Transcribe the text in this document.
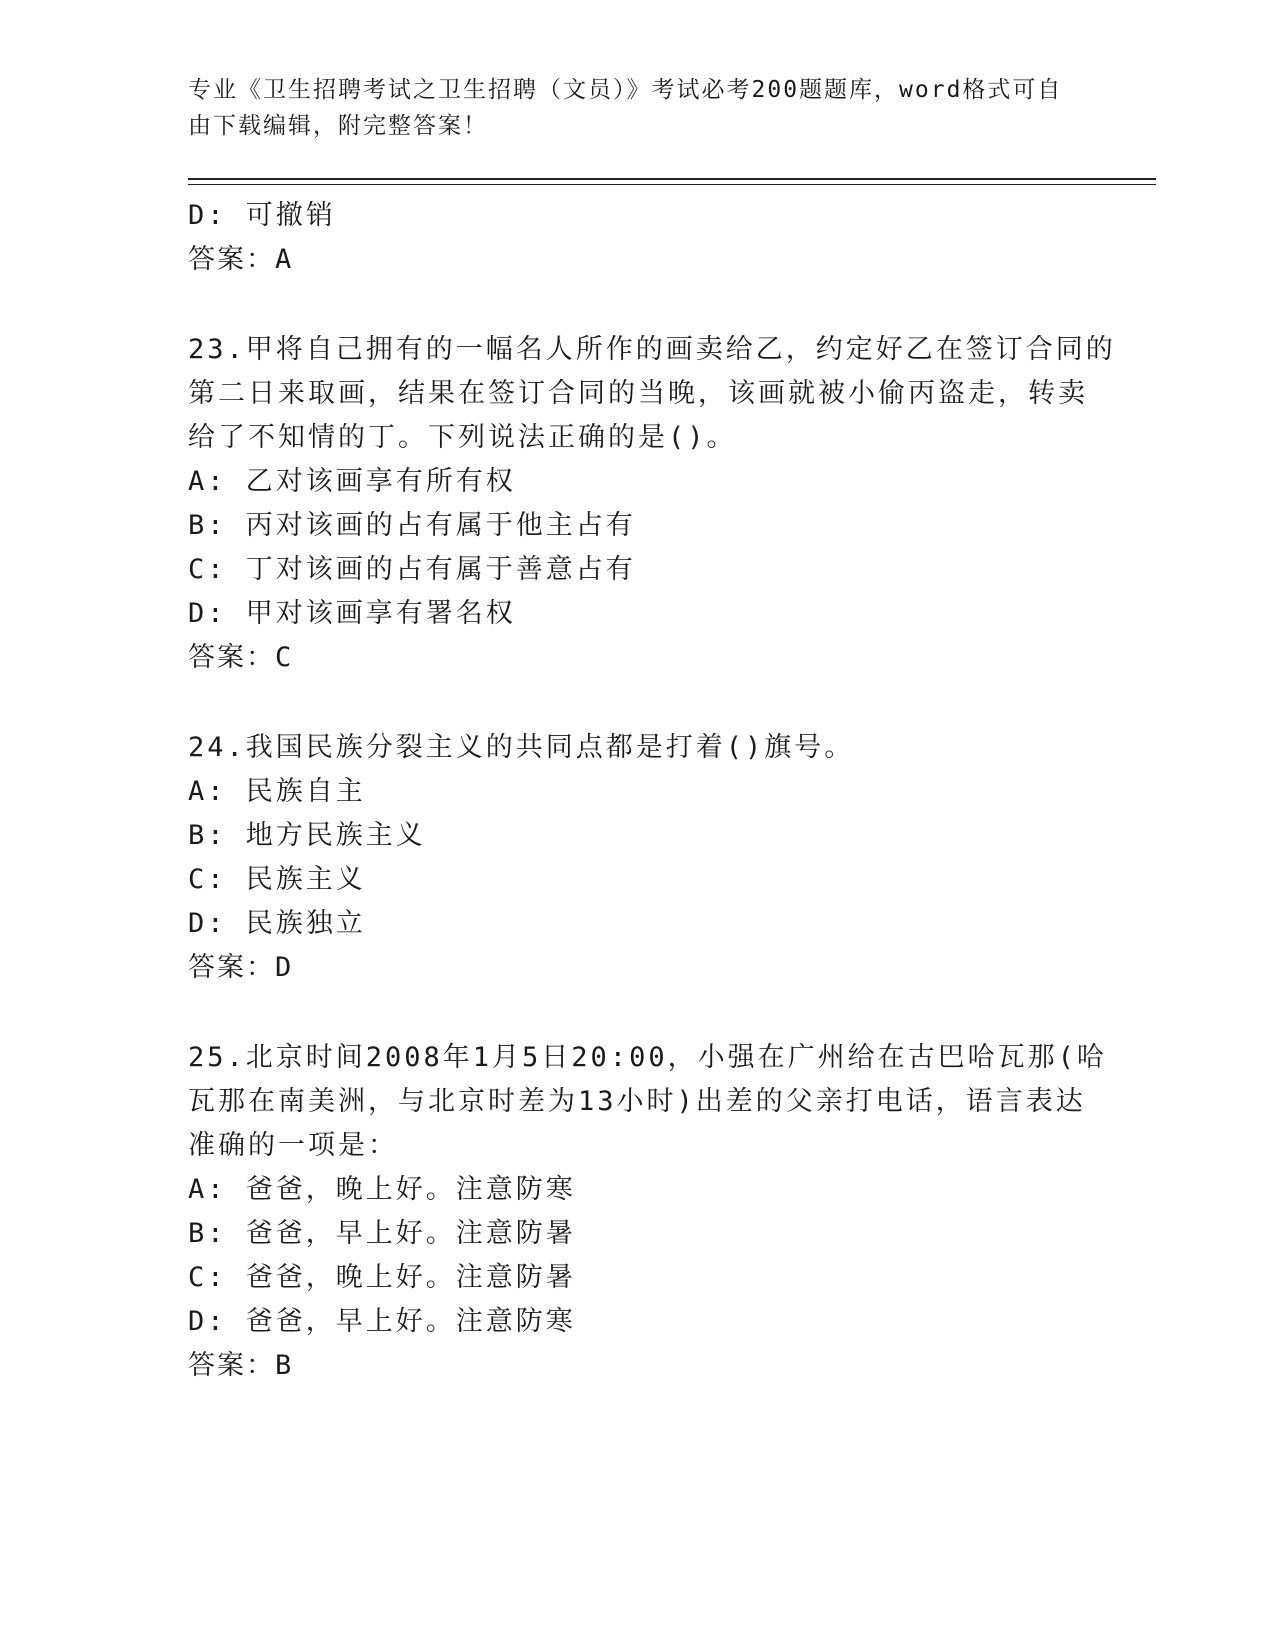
专业《卫生招聘考试之卫生招聘（文员）》考试必考200题题库，word格式可自
由下载编辑，附完整答案！
D: 可撤销
答案：A
23.甲将自己拥有的一幅名人所作的画卖给乙，约定好乙在签订合同的
第二日来取画，结果在签订合同的当晚，该画就被小偷丙盗走，转卖
给了不知情的丁。下列说法正确的是()。
A: 乙对该画享有所有权
B: 丙对该画的占有属于他主占有
C: 丁对该画的占有属于善意占有
D: 甲对该画享有署名权
答案：C
24.我国民族分裂主义的共同点都是打着()旗号。
A: 民族自主
B: 地方民族主义
C: 民族主义
D: 民族独立
答案：D
25.北京时间2008年1月5日20:00，小强在广州给在古巴哈瓦那(哈
瓦那在南美洲，与北京时差为13小时)出差的父亲打电话，语言表达
准确的一项是：
A: 爸爸，晚上好。注意防寒
B: 爸爸，早上好。注意防暑
C: 爸爸，晚上好。注意防暑
D: 爸爸，早上好。注意防寒
答案：B
